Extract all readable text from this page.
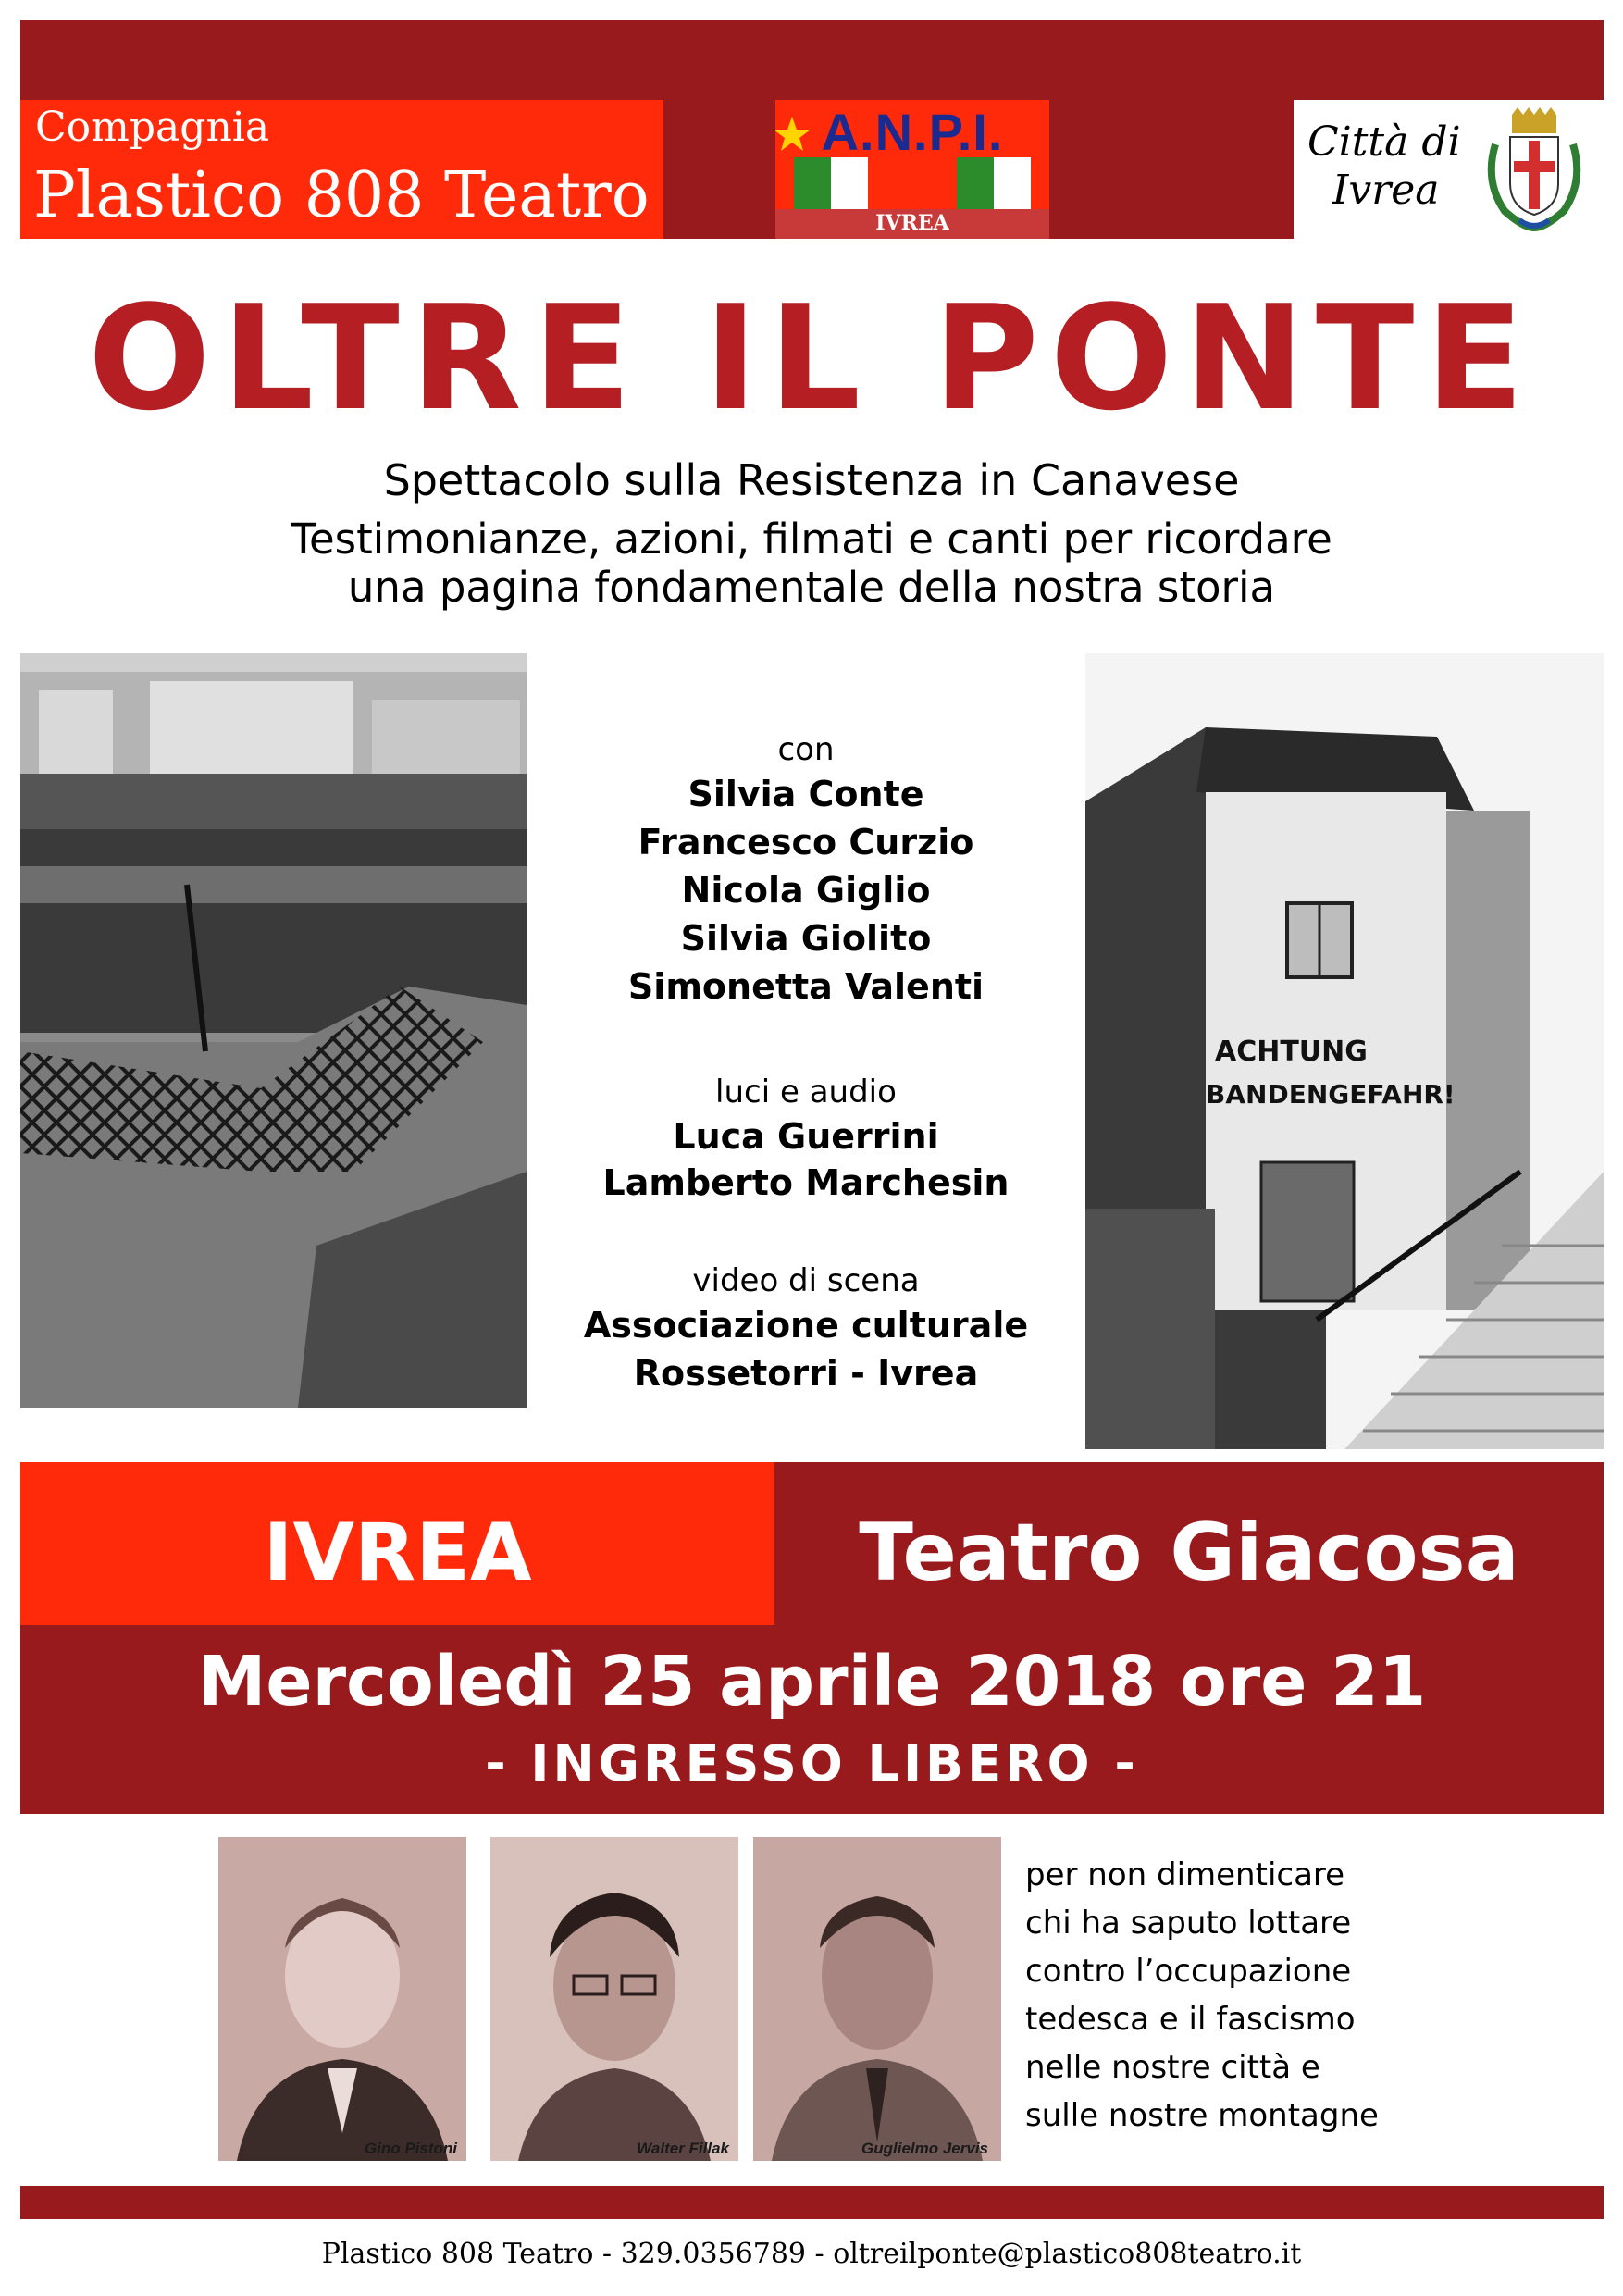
Compagnia
Plastico 808 Teatro
A.N.P.I.
IVREA
Città di
Ivrea
OLTRE IL PONTE
Spettacolo sulla Resistenza in Canavese
Testimonianze, azioni, filmati e canti per ricordare
una pagina fondamentale della nostra storia
ACHTUNG
BANDENGEFAHR!
con
Silvia Conte
Francesco Curzio
Nicola Giglio
Silvia Giolito
Simonetta Valenti
luci e audio
Luca Guerrini
Lamberto Marchesin
video di scena
Associazione culturale
Rossetorri - Ivrea
IVREA	Teatro Giacosa
Mercoledì 25 aprile 2018 ore 21
- INGRESSO LIBERO -
Gino Pistoni	Walter Fillak	Guglielmo Jervis
per non dimenticare
chi ha saputo lottare
contro l’occupazione
tedesca e il fascismo
nelle nostre città e
sulle nostre montagne
Plastico 808 Teatro - 329.0356789 - oltreilponte@plastico808teatro.it
